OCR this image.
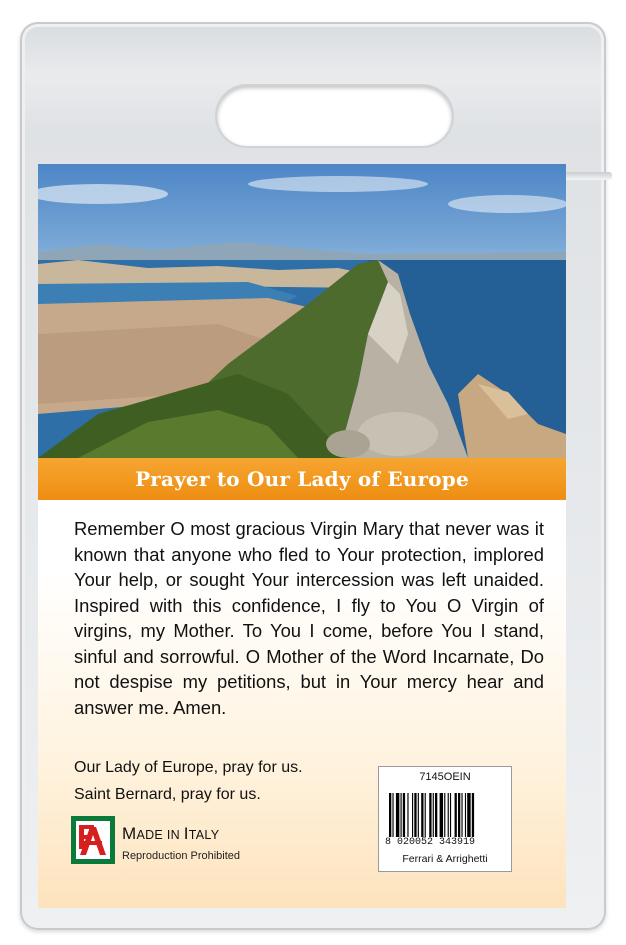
Prayer to Our Lady of Europe
Remember O most gracious Virgin Mary that never was it known that anyone who fled to Your protection, implored Your help, or sought Your intercession was left unaided. Inspired with this confidence, I fly to You O Virgin of virgins, my Mother. To You I come, before You I stand, sinful and sorrowful. O Mother of the Word Incarnate, Do not despise my petitions, but in Your mercy hear and answer me. Amen.
Our Lady of Europe, pray for us.
Saint Bernard, pray for us.
MADE IN ITALY
Reproduction Prohibited
7145OEIN
8 020052 343919
Ferrari & Arrighetti
